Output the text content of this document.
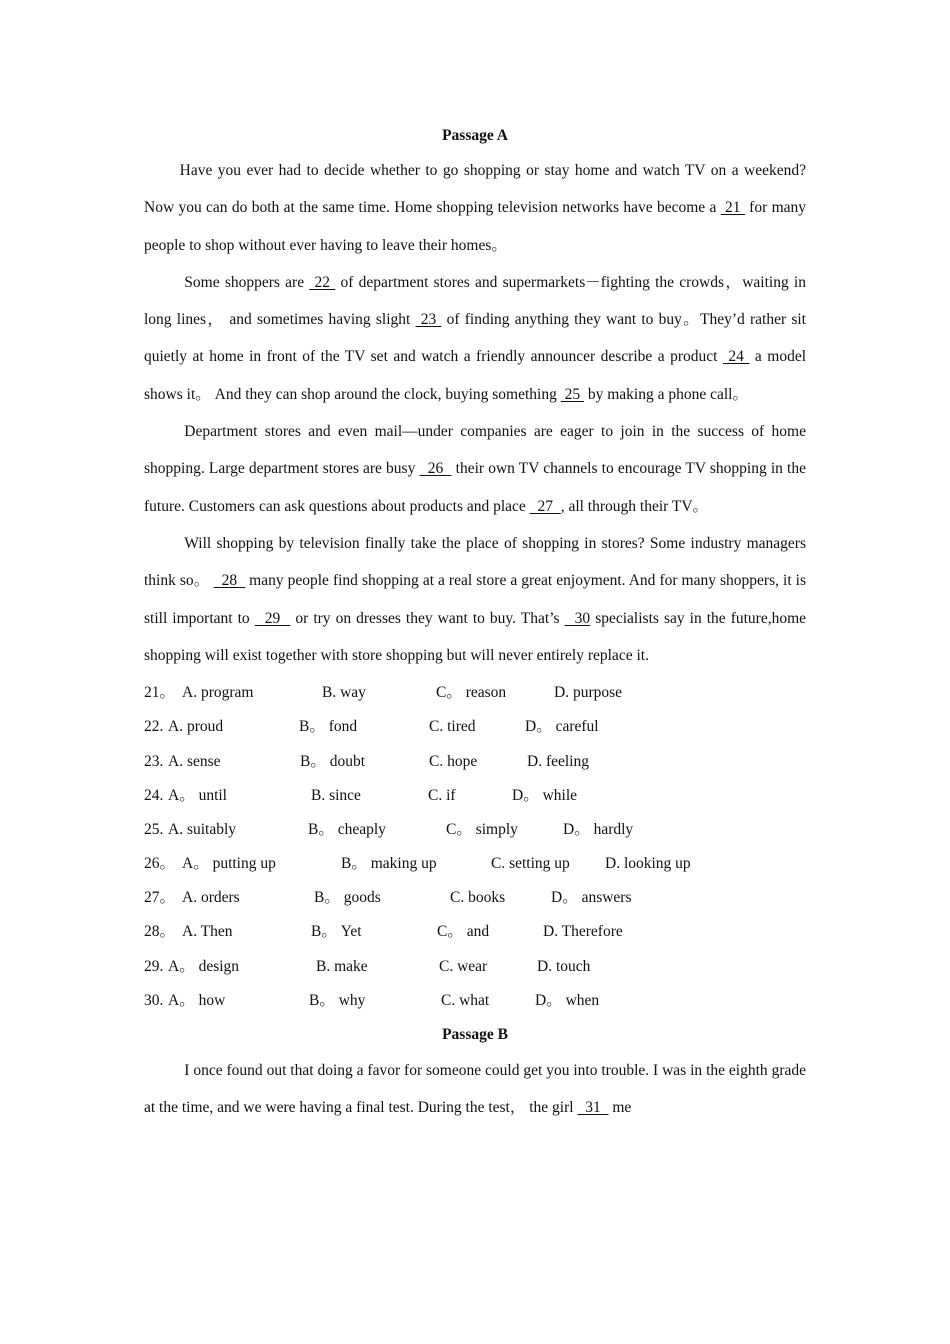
Passage A

Have you ever had to decide whether to go shopping or stay home and watch TV on a weekend? Now you can do both at the same time. Home shopping television networks have become a  21  for many people to shop without ever having to leave their homes。

Some shoppers are  22  of department stores and supermarkets－fighting the crowds，waiting in long lines， and sometimes having slight  23  of finding anything they want to buy。They’d rather sit quietly at home in front of the TV set and watch a friendly announcer describe a product  24  a model shows it。 And they can shop around the clock, buying something  25  by making a phone call。

Department stores and even mail—under companies are eager to join in the success of home shopping. Large department stores are busy   26   their own TV channels to encourage TV shopping in the future. Customers can ask questions about products and place   27  , all through their TV。

Will shopping by television finally take the place of shopping in stores? Some industry managers think so。   28   many people find shopping at a real store a great enjoyment. And for many shoppers, it is still important to   29   or try on dresses they want to buy. That’s   30 specialists say in the future,home shopping will exist together with store shopping but will never entirely replace it.

21。 A. program	B. way	C。 reason	D. purpose
22. A. proud	B。 fond	C. tired	D。 careful
23. A. sense	B。 doubt	C. hope	D. feeling
24. A。 until	B. since	C. if	D。 while
25. A. suitably	B。 cheaply	C。 simply	D。 hardly
26。 A。 putting up	B。 making up	C. setting up D. looking up
27。 A. orders	B。 goods	C. books	D。 answers
28。 A. Then	B。 Yet	C。 and	D. Therefore
29. A。 design	B. make	C. wear	D. touch
30. A。 how	B。 why	C. what	D。 when
Passage B

I once found out that doing a favor for someone could get you into trouble. I was in the eighth grade at the time, and we were having a final test. During the test， the girl   31   me
